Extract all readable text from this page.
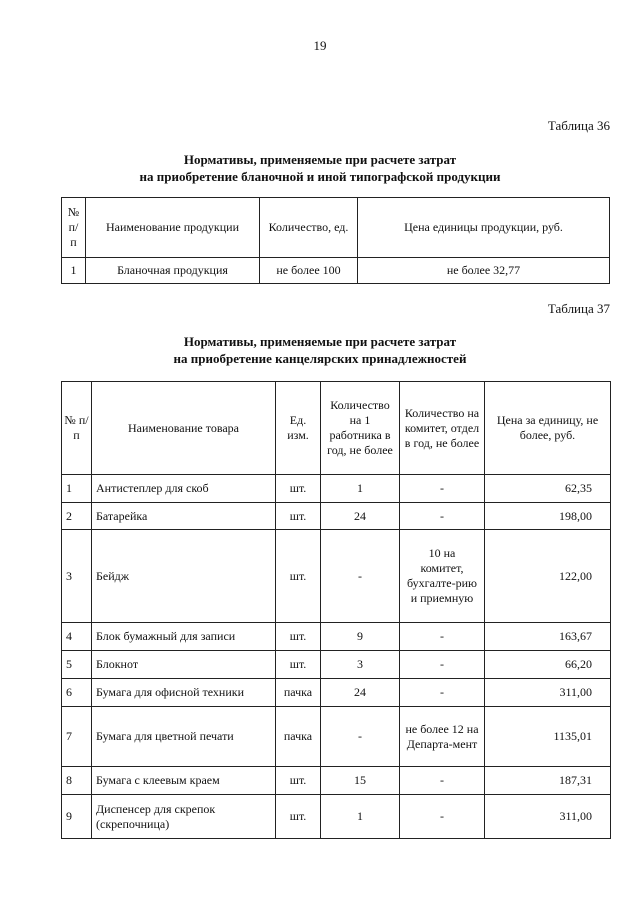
19
Таблица 36
Нормативы, применяемые при расчете затрат
на приобретение бланочной и иной типографской продукции
№ п/ п	Наименование продукции	Количество, ед.	Цена единицы продукции, руб.
1	Бланочная продукция	не более 100	не более 32,77
Таблица 37
Нормативы, применяемые при расчете затрат
на приобретение канцелярских принадлежностей
№ п/п	Наименование товара	Ед. изм.	Количество на 1 работника в год, не более	Количество на комитет, отдел в год, не более	Цена за единицу, не более, руб.
1	Антистеплер для скоб	шт.	1	-	62,35
2	Батарейка	шт.	24	-	198,00
3	Бейдж	шт.	-	10 на комитет, бухгалте-рию и приемную	122,00
4	Блок бумажный для записи	шт.	9	-	163,67
5	Блокнот	шт.	3	-	66,20
6	Бумага для офисной техники	пачка	24	-	311,00
7	Бумага для цветной печати	пачка	-	не более 12 на Департа-мент	1135,01
8	Бумага с клеевым краем	шт.	15	-	187,31
9	Диспенсер для скрепок (скрепочница)	шт.	1	-	311,00
